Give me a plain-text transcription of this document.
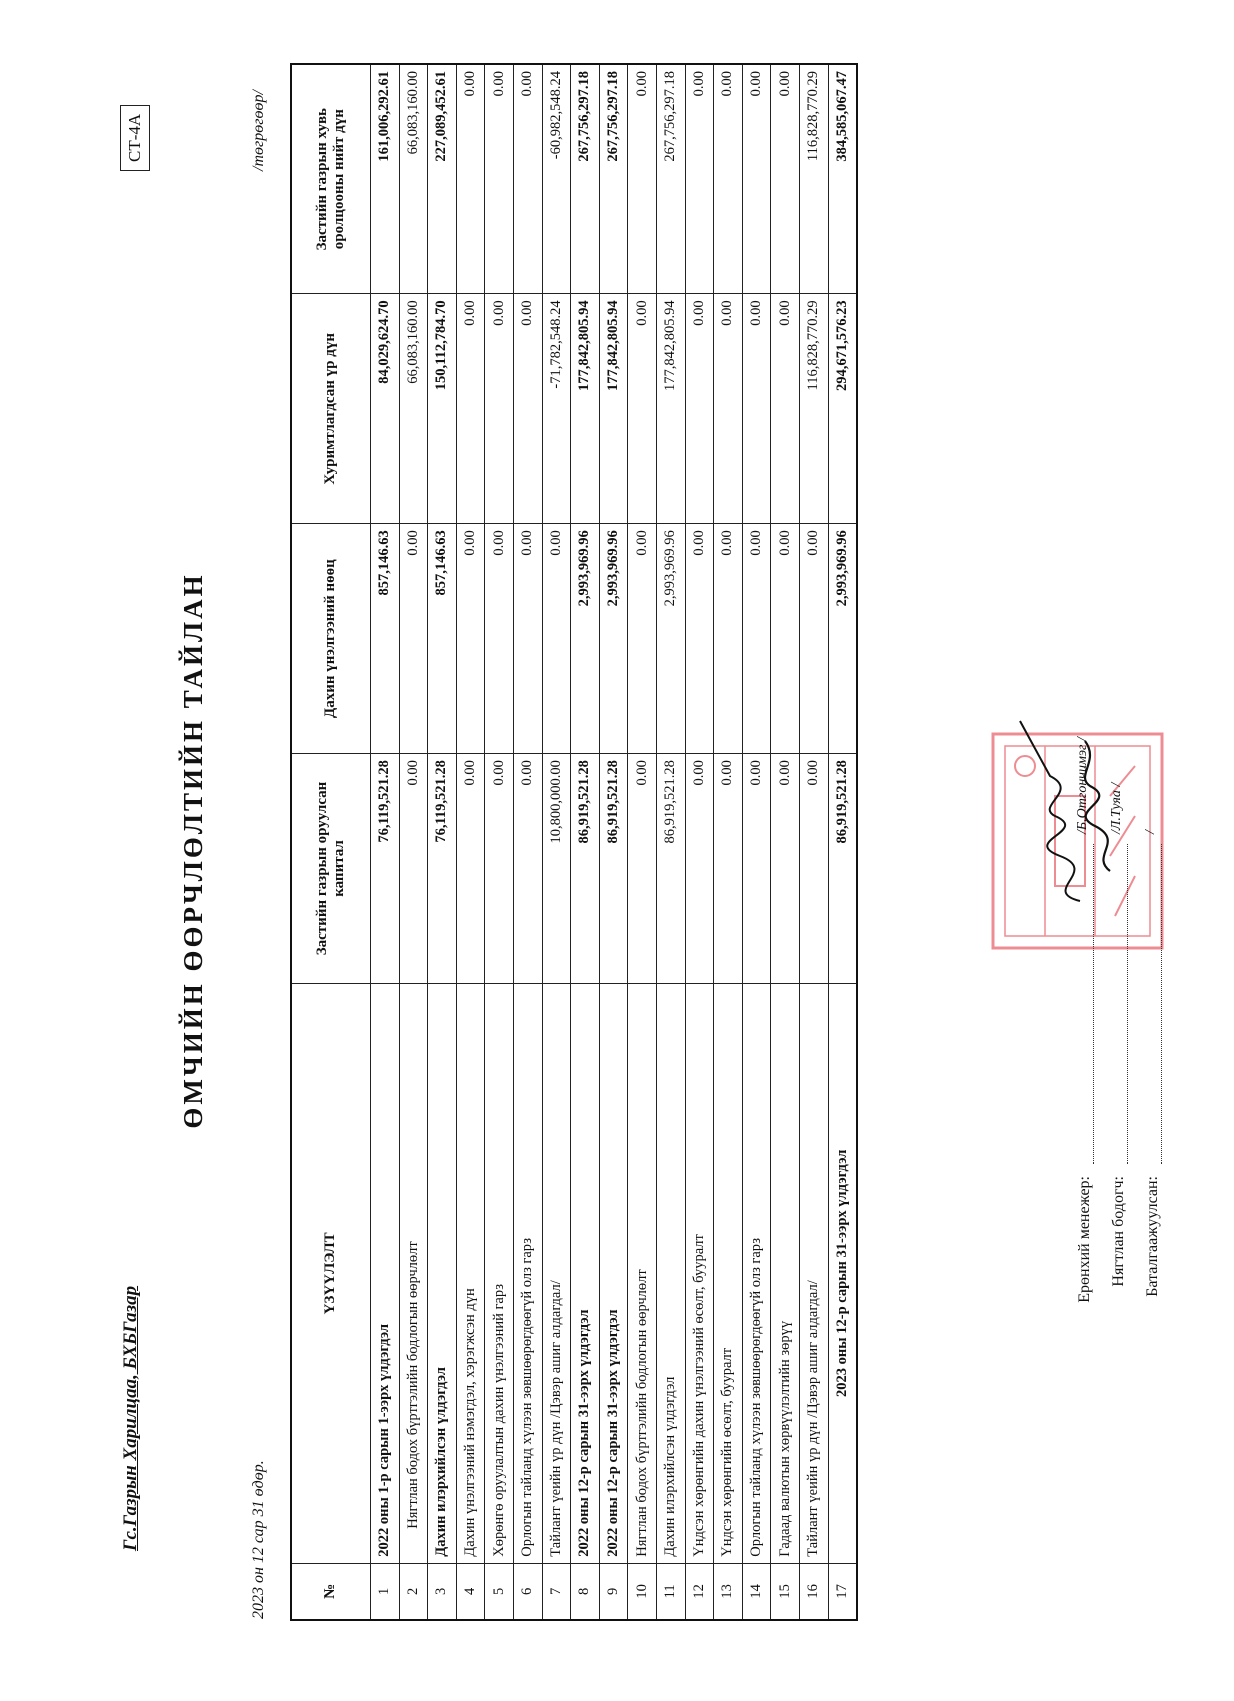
Гс.Газрын Харилцаа, БХБГазар
СТ-4А
ӨМЧИЙН ӨӨРЧЛӨЛТИЙН ТАЙЛАН
2023 он 12 сар 31 өдөр.
/төгрөгөөр/
№	ҮЗҮҮЛЭЛТ	Застийн газрын оруулсан капитал	Дахин үнэлгээний нөөц	Хуримтлагдсан үр дүн	Застийн газрын хувь оролцооны нийт дүн
1	2022 оны 1-р сарын 1-ээрх үлдэгдэл	76,119,521.28	857,146.63	84,029,624.70	161,006,292.61
2	Нягтлан бодох бүртгэлийн бодлогын өөрчлөлт	0.00	0.00	66,083,160.00	66,083,160.00
3	Дахин илэрхийлсэн үлдэгдэл	76,119,521.28	857,146.63	150,112,784.70	227,089,452.61
4	Дахин үнэлгээний нэмэгдэл, хэрэгжсэн дүн	0.00	0.00	0.00	0.00
5	Хөрөнгө оруулалтын дахин үнэлгээний гарз	0.00	0.00	0.00	0.00
6	Орлогын тайланд хүлээн зөвшөөрөгдөөгүй олз гарз	0.00	0.00	0.00	0.00
7	Тайлант үеийн үр дүн /Цэвэр ашиг алдагдал/	10,800,000.00	0.00	-71,782,548.24	-60,982,548.24
8	2022 оны 12-р сарын 31-ээрх үлдэгдэл	86,919,521.28	2,993,969.96	177,842,805.94	267,756,297.18
9	2022 оны 12-р сарын 31-ээрх үлдэгдэл	86,919,521.28	2,993,969.96	177,842,805.94	267,756,297.18
10	Нягтлан бодох бүртгэлийн бодлогын өөрчлөлт	0.00	0.00	0.00	0.00
11	Дахин илэрхийлсэн үлдэгдэл	86,919,521.28	2,993,969.96	177,842,805.94	267,756,297.18
12	Үндсэн хөрөнгийн дахин үнэлгээний өсөлт, бууралт	0.00	0.00	0.00	0.00
13	Үндсэн хөрөнгийн өсөлт, бууралт	0.00	0.00	0.00	0.00
14	Орлогын тайланд хүлээн зөвшөөрөгдөөгүй олз гарз	0.00	0.00	0.00	0.00
15	Гадаад валютын хөрвүүлэлтийн зөрүү	0.00	0.00	0.00	0.00
16	Тайлант үеийн үр дүн /Цэвэр ашиг алдагдал/	0.00	0.00	116,828,770.29	116,828,770.29
17	2023 оны 12-р сарын 31-ээрх үлдэгдэл	86,919,521.28	2,993,969.96	294,671,576.23	384,585,067.47
Ерөнхий менежер:
/Б.Отгончимэг /
Нягтлан бодогч:
/Л.Туяа /
Баталгаажуулсан:
/
